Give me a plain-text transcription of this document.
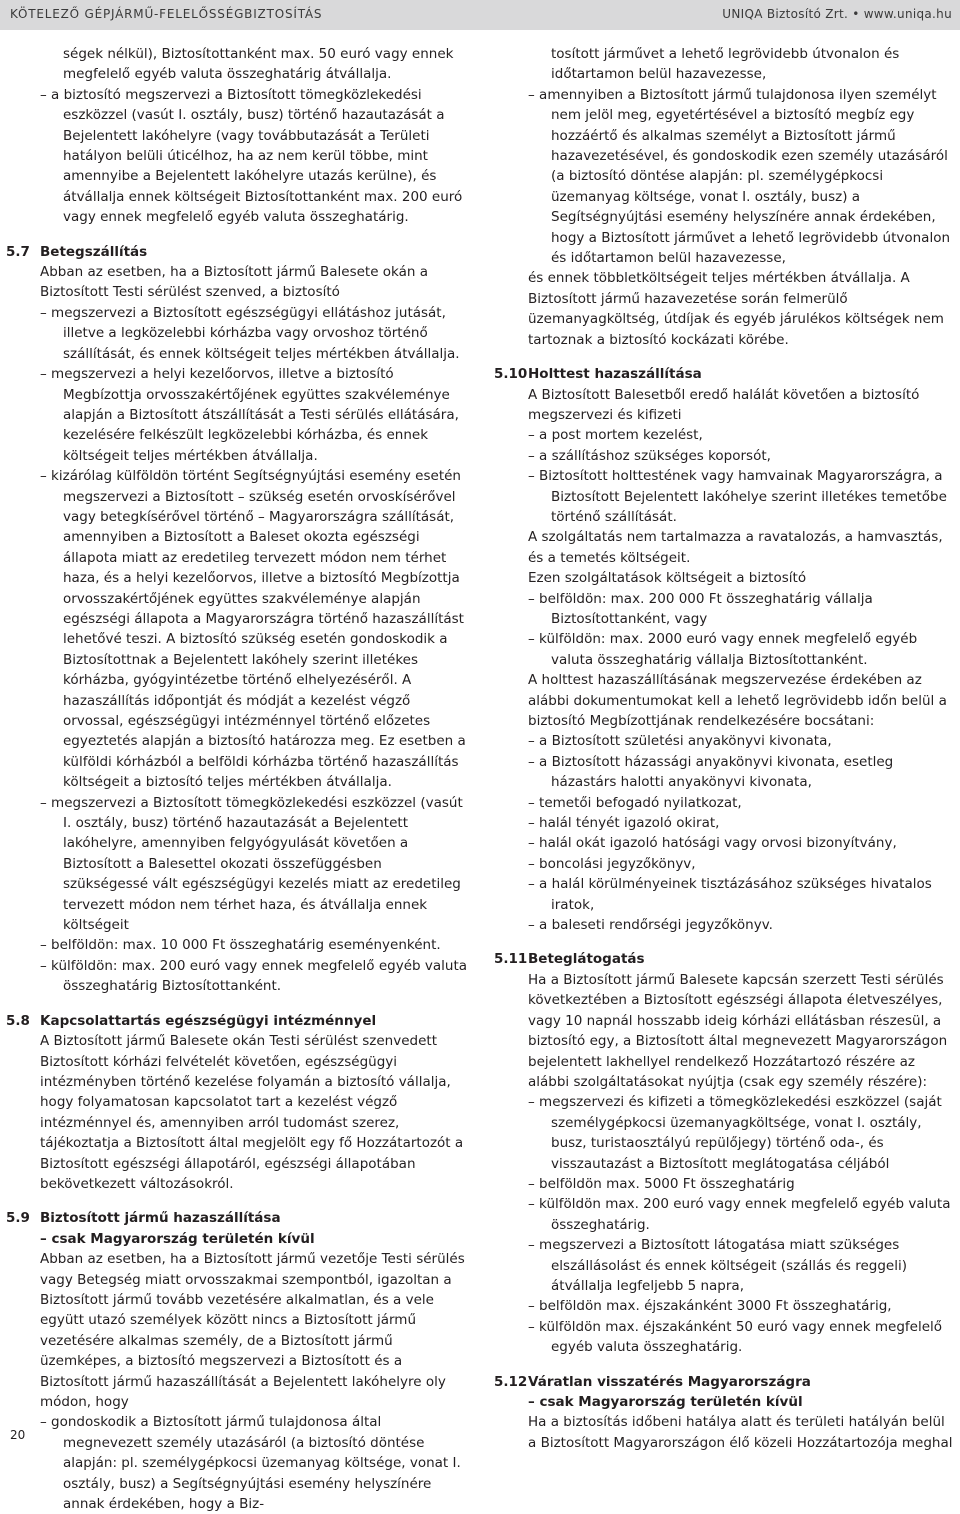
KÖTELEZŐ GÉPJÁRMŰ-FELELŐSSÉGBIZTOSÍTÁS	UNIQA Biztosító Zrt. • www.uniqa.hu

ségek nélkül), Biztosítottanként max. 50 euró vagy ennek megfelelő egyéb valuta összeghatárig átvállalja.

– a biztosító megszervezi a Biztosított tömegközlekedési eszközzel (vasút I. osztály, busz) történő hazautazását a Bejelentett lakóhelyre (vagy továbbutazását a Területi hatályon belüli úticélhoz, ha az nem kerül többe, mint amennyibe a Bejelentett lakóhelyre utazás kerülne), és átvállalja ennek költségeit Biztosítottanként max. 200 euró vagy ennek megfelelő egyéb valuta összeghatárig.

5.7 Betegszállítás

Abban az esetben, ha a Biztosított jármű Balesete okán a Biztosított Testi sérülést szenved, a biztosító

– megszervezi a Biztosított egészségügyi ellátáshoz jutását, illetve a legközelebbi kórházba vagy orvoshoz történő szállítását, és ennek költségeit teljes mértékben átvállalja.

– megszervezi a helyi kezelőorvos, illetve a biztosító Megbízottja orvosszakértőjének együttes szakvéleménye alapján a Biztosított átszállítását a Testi sérülés ellátására, kezelésére felkészült legközelebbi kórházba, és ennek költségeit teljes mértékben átvállalja.

– kizárólag külföldön történt Segítségnyújtási esemény esetén megszervezi a Biztosított – szükség esetén orvoskísérővel vagy betegkísérővel történő – Magyarországra szállítását, amennyiben a Biztosított a Baleset okozta egészségi állapota miatt az eredetileg tervezett módon nem térhet haza, és a helyi kezelőorvos, illetve a biztosító Megbízottja orvosszakértőjének együttes szakvéleménye alapján egészségi állapota a Magyarországra történő hazaszállítást lehetővé teszi. A biztosító szükség esetén gondoskodik a Biztosítottnak a Bejelentett lakóhely szerint illetékes kórházba, gyógyintézetbe történő elhelyezéséről. A hazaszállítás időpontját és módját a kezelést végző orvossal, egészségügyi intézménnyel történő előzetes egyeztetés alapján a biztosító határozza meg. Ez esetben a külföldi kórházból a belföldi kórházba történő hazaszállítás költségeit a biztosító teljes mértékben átvállalja.

– megszervezi a Biztosított tömegközlekedési eszközzel (vasút I. osztály, busz) történő hazautazását a Bejelentett lakóhelyre, amennyiben felgyógyulását követően a Biztosított a Balesettel okozati összefüggésben szükségessé vált egészségügyi kezelés miatt az eredetileg tervezett módon nem térhet haza, és átvállalja ennek költségeit

– belföldön: max. 10 000 Ft összeghatárig eseményenként.

– külföldön: max. 200 euró vagy ennek megfelelő egyéb valuta összeghatárig Biztosítottanként.

5.8 Kapcsolattartás egészségügyi intézménnyel

A Biztosított jármű Balesete okán Testi sérülést szenvedett Biztosított kórházi felvételét követően, egészségügyi intézményben történő kezelése folyamán a biztosító vállalja, hogy folyamatosan kapcsolatot tart a kezelést végző intézménnyel és, amennyiben arról tudomást szerez, tájékoztatja a Biztosított által megjelölt egy fő Hozzátartozót a Biztosított egészségi állapotáról, egészségi állapotában bekövetkezett változásokról.

5.9 Biztosított jármű hazaszállítása

– csak Magyarország területén kívül

Abban az esetben, ha a Biztosított jármű vezetője Testi sérülés vagy Betegség miatt orvosszakmai szempontból, igazoltan a Biztosított jármű tovább vezetésére alkalmatlan, és a vele együtt utazó személyek között nincs a Biztosított jármű vezetésére alkalmas személy, de a Biztosított jármű üzemképes, a biztosító megszervezi a Biztosított és a Biztosított jármű hazaszállítását a Bejelentett lakóhelyre oly módon, hogy

– gondoskodik a Biztosított jármű tulajdonosa által megnevezett személy utazásáról (a biztosító döntése alapján: pl. személygépkocsi üzemanyag költsége, vonat I. osztály, busz) a Segítségnyújtási esemény helyszínére annak érdekében, hogy a Biz-

tosított járművet a lehető legrövidebb útvonalon és időtartamon belül hazavezesse,

– amennyiben a Biztosított jármű tulajdonosa ilyen személyt nem jelöl meg, egyetértésével a biztosító megbíz egy hozzáértő és alkalmas személyt a Biztosított jármű hazavezetésével, és gondoskodik ezen személy utazásáról (a biztosító döntése alapján: pl. személygépkocsi üzemanyag költsége, vonat I. osztály, busz) a Segítségnyújtási esemény helyszínére annak érdekében, hogy a Biztosított járművet a lehető legrövidebb útvonalon és időtartamon belül hazavezesse,

és ennek többletköltségeit teljes mértékben átvállalja. A Biztosított jármű hazavezetése során felmerülő üzemanyagköltség, útdíjak és egyéb járulékos költségek nem tartoznak a biztosító kockázati körébe.

5.10 Holttest hazaszállítása

A Biztosított Balesetből eredő halálát követően a biztosító megszervezi és kifizeti

– a post mortem kezelést,

– a szállításhoz szükséges koporsót,

– Biztosított holttestének vagy hamvainak Magyarországra, a Biztosított Bejelentett lakóhelye szerint illetékes temetőbe történő szállítását.

A szolgáltatás nem tartalmazza a ravatalozás, a hamvasztás, és a temetés költségeit.

Ezen szolgáltatások költségeit a biztosító

– belföldön: max. 200 000 Ft összeghatárig vállalja Biztosítottanként, vagy

– külföldön: max. 2000 euró vagy ennek megfelelő egyéb valuta összeghatárig vállalja Biztosítottanként.

A holttest hazaszállításának megszervezése érdekében az alábbi dokumentumokat kell a lehető legrövidebb időn belül a biztosító Megbízottjának rendelkezésére bocsátani:

– a Biztosított születési anyakönyvi kivonata,

– a Biztosított házassági anyakönyvi kivonata, esetleg házastárs halotti anyakönyvi kivonata,

– temetői befogadó nyilatkozat,

– halál tényét igazoló okirat,

– halál okát igazoló hatósági vagy orvosi bizonyítvány,

– boncolási jegyzőkönyv,

– a halál körülményeinek tisztázásához szükséges hivatalos iratok,

– a baleseti rendőrségi jegyzőkönyv.

5.11 Beteglátogatás

Ha a Biztosított jármű Balesete kapcsán szerzett Testi sérülés következtében a Biztosított egészségi állapota életveszélyes, vagy 10 napnál hosszabb ideig kórházi ellátásban részesül, a biztosító egy, a Biztosított által megnevezett Magyarországon bejelentett lakhellyel rendelkező Hozzátartozó részére az alábbi szolgáltatásokat nyújtja (csak egy személy részére):

– megszervezi és kifizeti a tömegközlekedési eszközzel (saját személygépkocsi üzemanyagköltsége, vonat I. osztály, busz, turistaosztályú repülőjegy) történő oda-, és visszautazást a Biztosított meglátogatása céljából

– belföldön max. 5000 Ft összeghatárig

– külföldön max. 200 euró vagy ennek megfelelő egyéb valuta összeghatárig.

– megszervezi a Biztosított látogatása miatt szükséges elszállásolást és ennek költségeit (szállás és reggeli) átvállalja legfeljebb 5 napra,

– belföldön max. éjszakánként 3000 Ft összeghatárig,

– külföldön max. éjszakánként 50 euró vagy ennek megfelelő egyéb valuta összeghatárig.

5.12 Váratlan visszatérés Magyarországra

– csak Magyarország területén kívül

Ha a biztosítás időbeni hatálya alatt és területi hatályán belül a Biztosított Magyarországon élő közeli Hozzátartozója meghal

20
